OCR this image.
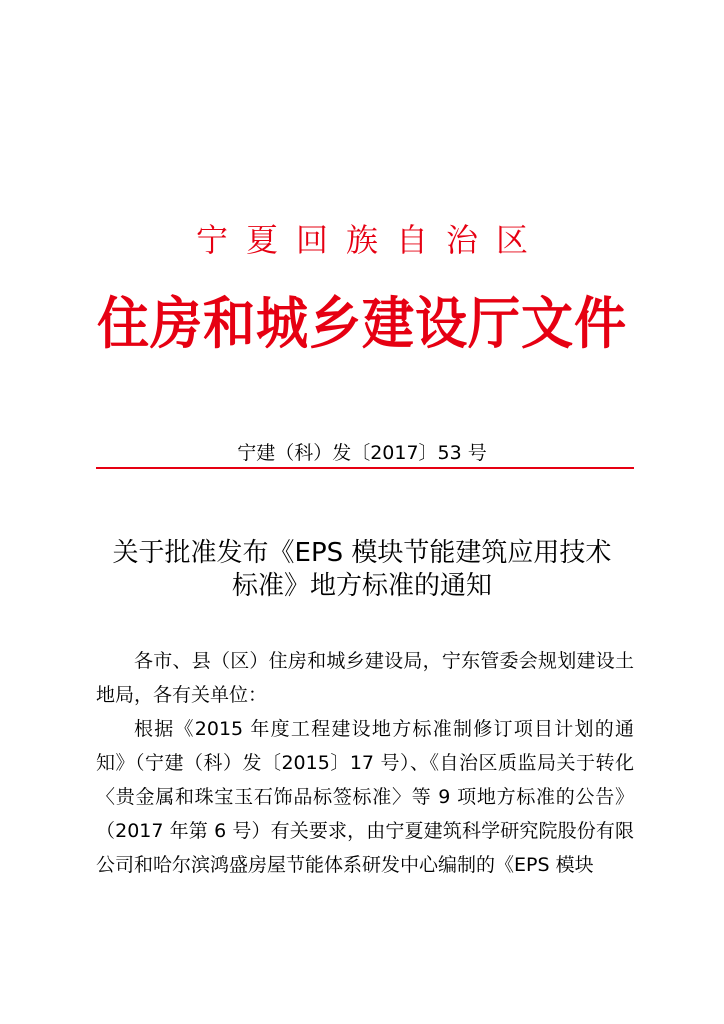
宁夏回族自治区
住房和城乡建设厅文件
宁建（科）发〔2017〕53 号
关于批准发布《EPS 模块节能建筑应用技术
标准》地方标准的通知

各市、县（区）住房和城乡建设局，宁东管委会规划建设土地局，各有关单位：

根据《2015 年度工程建设地方标准制修订项目计划的通知》（宁建（科）发〔2015〕17 号）、《自治区质监局关于转化〈贵金属和珠宝玉石饰品标签标准〉等 9 项地方标准的公告》（2017 年第 6 号）有关要求，由宁夏建筑科学研究院股份有限公司和哈尔滨鸿盛房屋节能体系研发中心编制的《EPS 模块
